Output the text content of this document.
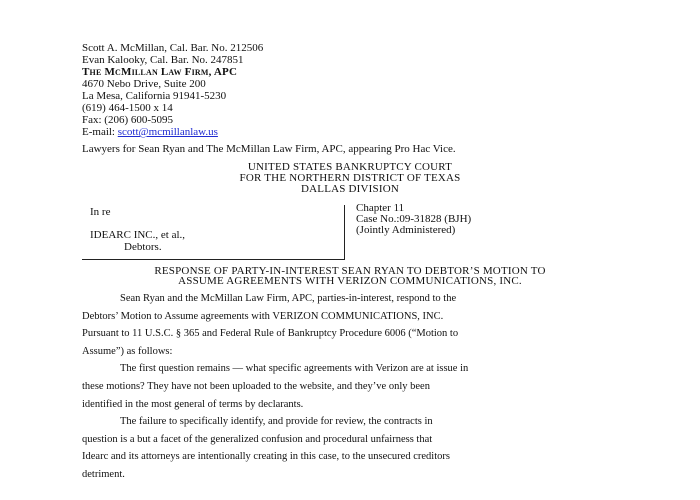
Scott A. McMillan, Cal. Bar. No. 212506
Evan Kalooky, Cal. Bar. No. 247851
The McMillan Law Firm, APC
4670 Nebo Drive, Suite 200
La Mesa, California 91941-5230
(619) 464-1500 x 14
Fax: (206) 600-5095
E-mail: scott@mcmillanlaw.us
Lawyers for Sean Ryan and The McMillan Law Firm, APC, appearing Pro Hac Vice.
UNITED STATES BANKRUPTCY COURT
FOR THE NORTHERN DISTRICT OF TEXAS
DALLAS DIVISION
In re
IDEARC INC., et al.,
Debtors.
Chapter 11
Case No.:09-31828 (BJH)
(Jointly Administered)
RESPONSE OF PARTY-IN-INTEREST SEAN RYAN TO DEBTOR’S MOTION TO
ASSUME AGREEMENTS WITH VERIZON COMMUNICATIONS, INC.

Sean Ryan and the McMillan Law Firm, APC, parties-in-interest, respond to the
Debtors’ Motion to Assume agreements with VERIZON COMMUNICATIONS, INC.
Pursuant to 11 U.S.C. § 365 and Federal Rule of Bankruptcy Procedure 6006 (“Motion to
Assume”) as follows:

The first question remains — what specific agreements with Verizon are at issue in
these motions? They have not been uploaded to the website, and they’ve only been
identified in the most general of terms by declarants.

The failure to specifically identify, and provide for review, the contracts in
question is a but a facet of the generalized confusion and procedural unfairness that
Idearc and its attorneys are intentionally creating in this case, to the unsecured creditors
detriment.
